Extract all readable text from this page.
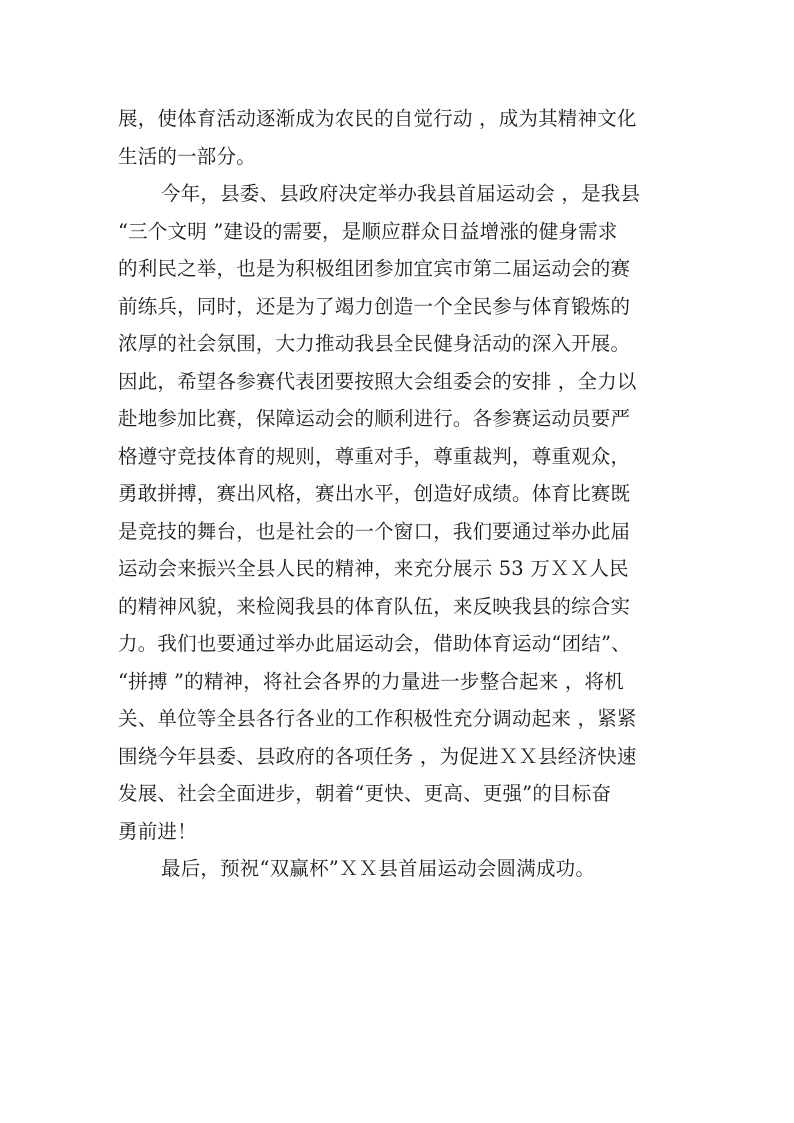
展，使体育活动逐渐成为农民的自觉行动 ，成为其精神文化
生活的一部分。
今年，县委、县政府决定举办我县首届运动会 ，是我县
“三个文明 ”建设的需要，是顺应群众日益增涨的健身需求
的利民之举，也是为积极组团参加宜宾市第二届运动会的赛
前练兵，同时，还是为了竭力创造一个全民参与体育锻炼的
浓厚的社会氛围，大力推动我县全民健身活动的深入开展。
因此，希望各参赛代表团要按照大会组委会的安排 ，全力以
赴地参加比赛，保障运动会的顺利进行。各参赛运动员要严
格遵守竞技体育的规则，尊重对手，尊重裁判，尊重观众，
勇敢拼搏，赛出风格，赛出水平，创造好成绩。体育比赛既
是竞技的舞台，也是社会的一个窗口，我们要通过举办此届
运动会来振兴全县人民的精神，来充分展示 53 万ＸＸ人民
的精神风貌，来检阅我县的体育队伍，来反映我县的综合实
力。我们也要通过举办此届运动会，借助体育运动“团结”、
“拼搏 ”的精神，将社会各界的力量进一步整合起来 ，将机
关、单位等全县各行各业的工作积极性充分调动起来 ，紧紧
围绕今年县委、县政府的各项任务 ，为促进ＸＸ县经济快速
发展、社会全面进步，朝着“更快、更高、更强”的目标奋
勇前进！
最后，预祝“双赢杯”ＸＸ县首届运动会圆满成功。
